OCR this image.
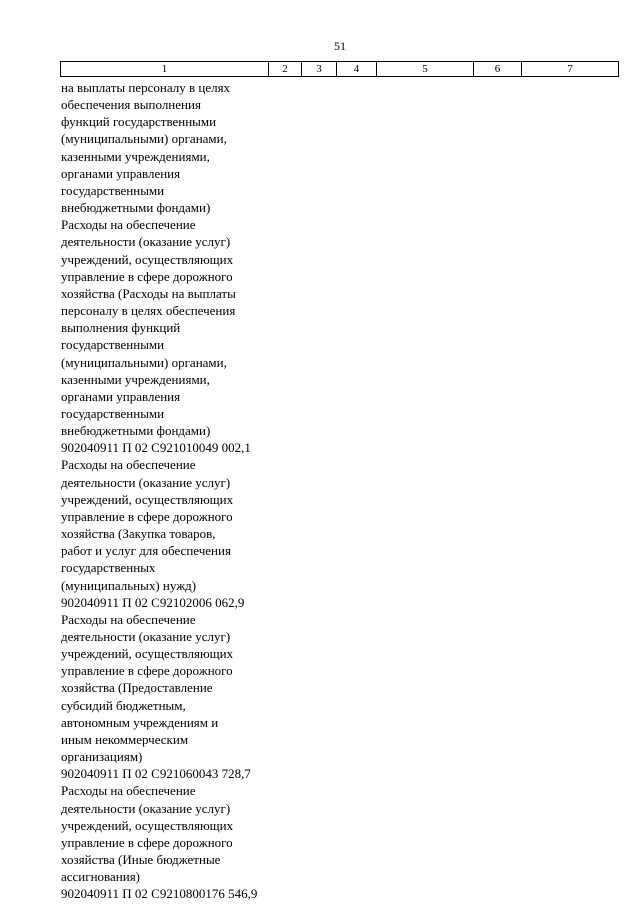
51
1	2	3	4	5	6	7
на выплаты персоналу в целях
обеспечения выполнения
функций государственными
(муниципальными) органами,
казенными учреждениями,
органами управления
государственными
внебюджетными фондами)
Расходы на обеспечение
деятельности (оказание услуг)
учреждений, осуществляющих
управление в сфере дорожного
хозяйства (Расходы на выплаты
персоналу в целях обеспечения
выполнения функций
государственными
(муниципальными) органами,
казенными учреждениями,
органами управления
государственными
внебюджетными фондами)
902040911 П 02 С921010049 002,1
Расходы на обеспечение
деятельности (оказание услуг)
учреждений, осуществляющих
управление в сфере дорожного
хозяйства (Закупка товаров,
работ и услуг для обеспечения
государственных
(муниципальных) нужд)
902040911 П 02 С92102006 062,9
Расходы на обеспечение
деятельности (оказание услуг)
учреждений, осуществляющих
управление в сфере дорожного
хозяйства (Предоставление
субсидий бюджетным,
автономным учреждениям и
иным некоммерческим
организациям)
902040911 П 02 С921060043 728,7
Расходы на обеспечение
деятельности (оказание услуг)
учреждений, осуществляющих
управление в сфере дорожного
хозяйства (Иные бюджетные
ассигнования)
902040911 П 02 С9210800176 546,9
